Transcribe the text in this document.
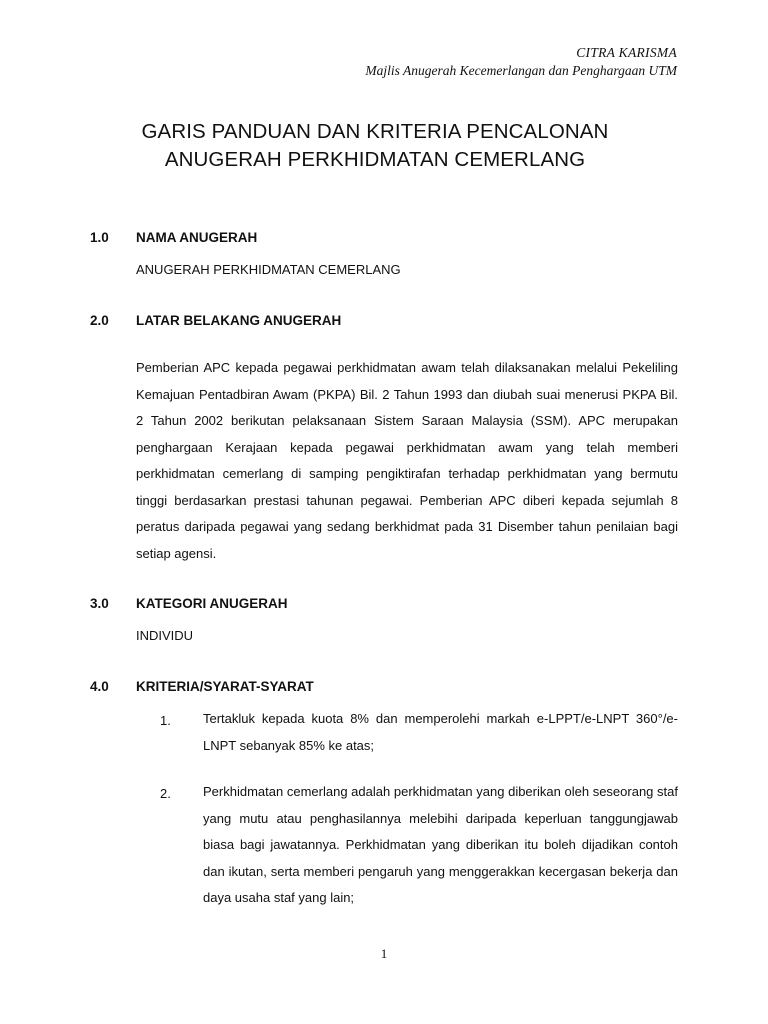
CITRA KARISMA
Majlis Anugerah Kecemerlangan dan Penghargaan UTM
GARIS PANDUAN DAN KRITERIA PENCALONAN
ANUGERAH PERKHIDMATAN CEMERLANG
1.0 NAMA ANUGERAH
ANUGERAH PERKHIDMATAN CEMERLANG
2.0 LATAR BELAKANG ANUGERAH
Pemberian APC kepada pegawai perkhidmatan awam telah dilaksanakan melalui Pekeliling Kemajuan Pentadbiran Awam (PKPA) Bil. 2 Tahun 1993 dan diubah suai menerusi PKPA Bil. 2 Tahun 2002 berikutan pelaksanaan Sistem Saraan Malaysia (SSM). APC merupakan penghargaan Kerajaan kepada pegawai perkhidmatan awam yang telah memberi perkhidmatan cemerlang di samping pengiktirafan terhadap perkhidmatan yang bermutu tinggi berdasarkan prestasi tahunan pegawai. Pemberian APC diberi kepada sejumlah 8 peratus daripada pegawai yang sedang berkhidmat pada 31 Disember tahun penilaian bagi setiap agensi.
3.0 KATEGORI ANUGERAH
INDIVIDU
4.0 KRITERIA/SYARAT-SYARAT
1. Tertakluk kepada kuota 8% dan memperolehi markah e-LPPT/e-LNPT 360°/e-LNPT sebanyak 85% ke atas;
2. Perkhidmatan cemerlang adalah perkhidmatan yang diberikan oleh seseorang staf yang mutu atau penghasilannya melebihi daripada keperluan tanggungjawab biasa bagi jawatannya. Perkhidmatan yang diberikan itu boleh dijadikan contoh dan ikutan, serta memberi pengaruh yang menggerakkan kecergasan bekerja dan daya usaha staf yang lain;
1
